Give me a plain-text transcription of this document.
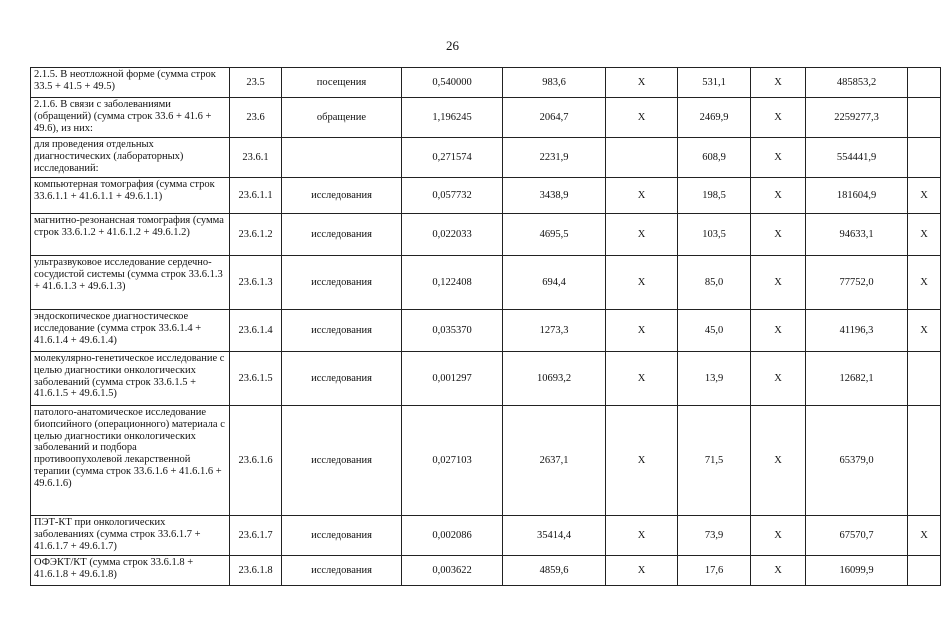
26
2.1.5. В неотложной форме (сумма строк 33.5 + 41.5 + 49.5)	23.5	посещения	0,540000	983,6	X	531,1	X	485853,2	
2.1.6. В связи с заболеваниями (обращений) (сумма строк 33.6 + 41.6 + 49.6), из них:	23.6	обращение	1,196245	2064,7	X	2469,9	X	2259277,3	
для проведения отдельных диагностических (лабораторных) исследований:	23.6.1		0,271574	2231,9		608,9	X	554441,9	
компьютерная томография (сумма строк 33.6.1.1 + 41.6.1.1 + 49.6.1.1)	23.6.1.1	исследования	0,057732	3438,9	X	198,5	X	181604,9	X
магнитно-резонансная томография (сумма строк 33.6.1.2 + 41.6.1.2 + 49.6.1.2)	23.6.1.2	исследования	0,022033	4695,5	X	103,5	X	94633,1	X
ультразвуковое исследование сердечно-сосудистой системы (сумма строк 33.6.1.3 + 41.6.1.3 + 49.6.1.3)	23.6.1.3	исследования	0,122408	694,4	X	85,0	X	77752,0	X
эндоскопическое диагностическое исследование (сумма строк 33.6.1.4 + 41.6.1.4 + 49.6.1.4)	23.6.1.4	исследования	0,035370	1273,3	X	45,0	X	41196,3	X
молекулярно-генетическое исследование с целью диагностики онкологических заболеваний (сумма строк 33.6.1.5 + 41.6.1.5 + 49.6.1.5)	23.6.1.5	исследования	0,001297	10693,2	X	13,9	X	12682,1	
патолого-анатомическое исследование биопсийного (операционного) материала с целью диагностики онкологических заболеваний и подбора противоопухолевой лекарственной терапии (сумма строк 33.6.1.6 + 41.6.1.6 + 49.6.1.6)	23.6.1.6	исследования	0,027103	2637,1	X	71,5	X	65379,0	
ПЭТ-КТ при онкологических заболеваниях (сумма строк 33.6.1.7 + 41.6.1.7 + 49.6.1.7)	23.6.1.7	исследования	0,002086	35414,4	X	73,9	X	67570,7	X
ОФЭКТ/КТ (сумма строк 33.6.1.8 + 41.6.1.8 + 49.6.1.8)	23.6.1.8	исследования	0,003622	4859,6	X	17,6	X	16099,9	
